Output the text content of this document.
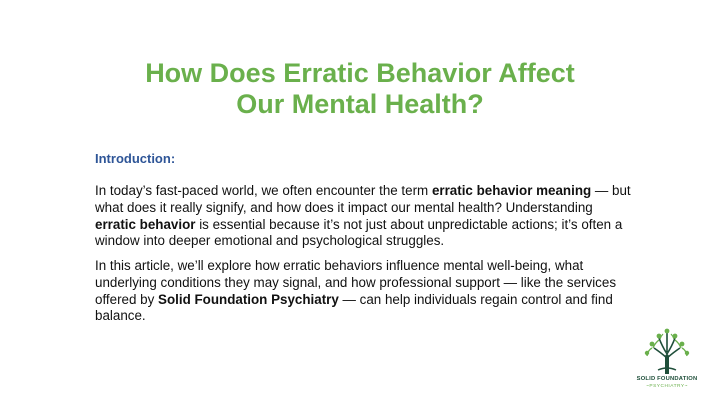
How Does Erratic Behavior Affect
Our Mental Health?
Introduction:

In today’s fast-paced world, we often encounter the term erratic behavior meaning — but what does it really signify, and how does it impact our mental health? Understanding erratic behavior is essential because it’s not just about unpredictable actions; it’s often a window into deeper emotional and psychological struggles.

In this article, we’ll explore how erratic behaviors influence mental well-being, what underlying conditions they may signal, and how professional support — like the services offered by Solid Foundation Psychiatry — can help individuals regain control and find balance.

SOLID FOUNDATION
~PSYCHIATRY~
